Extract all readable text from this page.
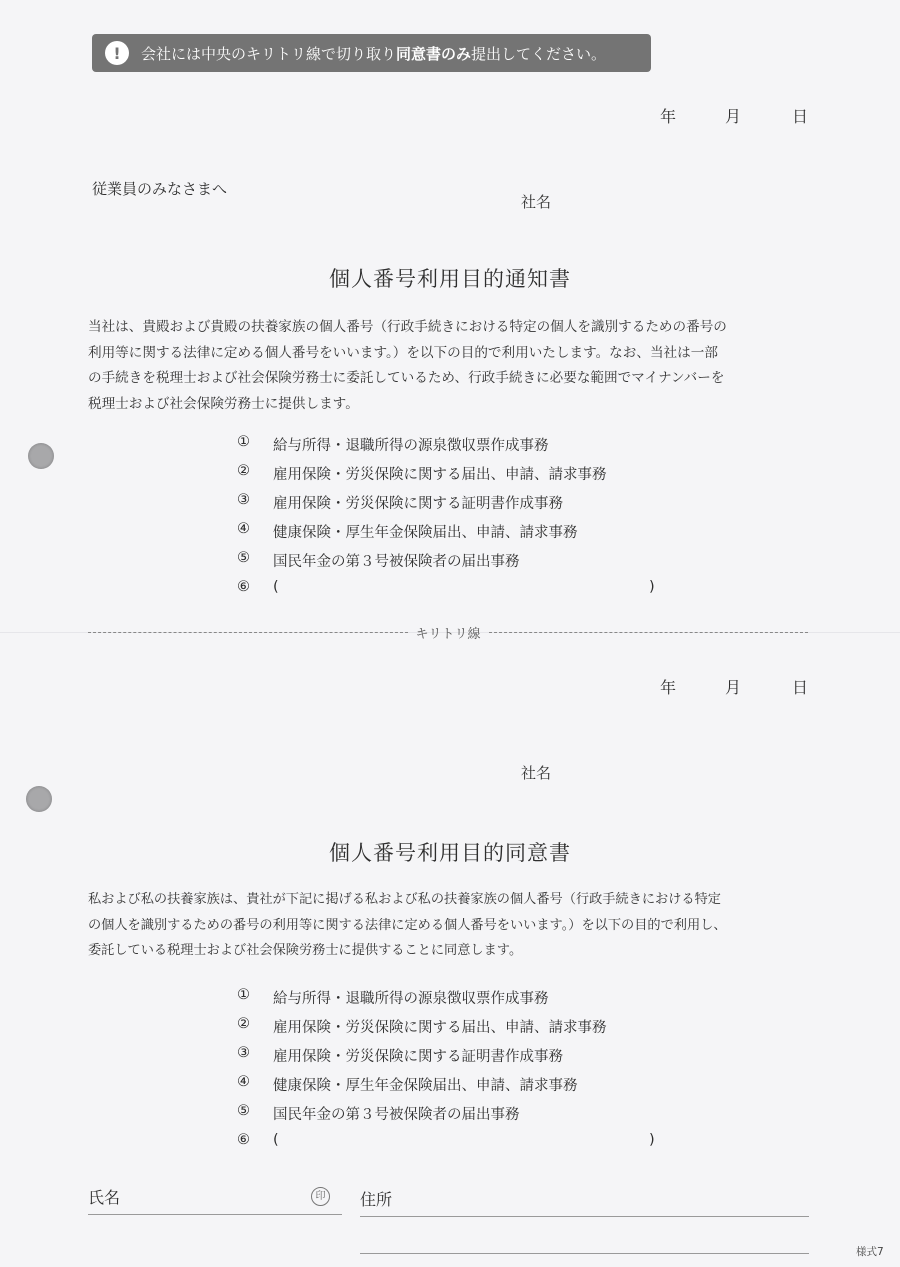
!	会社には中央のキリトリ線で切り取り同意書のみ提出してください。
年	月	日
従業員のみなさまへ
社名
個人番号利用目的通知書
当社は、貴殿および貴殿の扶養家族の個人番号（行政手続きにおける特定の個人を識別するための番号の
利用等に関する法律に定める個人番号をいいます。）を以下の目的で利用いたします。なお、当社は一部
の手続きを税理士および社会保険労務士に委託しているため、行政手続きに必要な範囲でマイナンバーを
税理士および社会保険労務士に提供します。
①	給与所得・退職所得の源泉徴収票作成事務
②	雇用保険・労災保険に関する届出、申請、請求事務
③	雇用保険・労災保険に関する証明書作成事務
④	健康保険・厚生年金保険届出、申請、請求事務
⑤	国民年金の第３号被保険者の届出事務
⑥	(	)
キリトリ線
年	月	日
社名
個人番号利用目的同意書
私および私の扶養家族は、貴社が下記に掲げる私および私の扶養家族の個人番号（行政手続きにおける特定
の個人を識別するための番号の利用等に関する法律に定める個人番号をいいます。）を以下の目的で利用し、
委託している税理士および社会保険労務士に提供することに同意します。
①	給与所得・退職所得の源泉徴収票作成事務
②	雇用保険・労災保険に関する届出、申請、請求事務
③	雇用保険・労災保険に関する証明書作成事務
④	健康保険・厚生年金保険届出、申請、請求事務
⑤	国民年金の第３号被保険者の届出事務
⑥	(	)
氏名	印 住所
様式7
